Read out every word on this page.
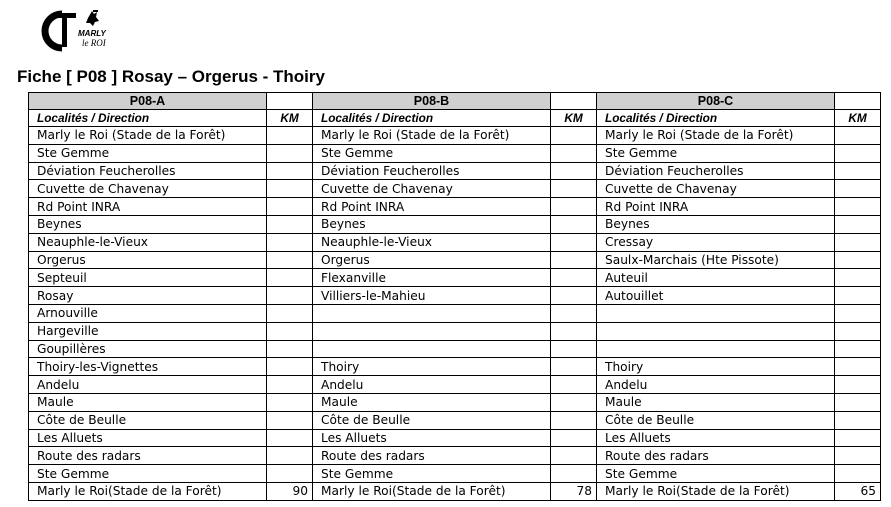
MARLY
le ROI
Fiche [ P08 ] Rosay – Orgerus - Thoiry
P08-A		P08-B		P08-C	
Localités / Direction	KM	Localités / Direction	KM	Localités / Direction	KM
Marly le Roi (Stade de la Forêt)		Marly le Roi (Stade de la Forêt)		Marly le Roi (Stade de la Forêt)	
Ste Gemme		Ste Gemme		Ste Gemme	
Déviation Feucherolles		Déviation Feucherolles		Déviation Feucherolles	
Cuvette de Chavenay		Cuvette de Chavenay		Cuvette de Chavenay	
Rd Point INRA		Rd Point INRA		Rd Point INRA	
Beynes		Beynes		Beynes	
Neauphle-le-Vieux		Neauphle-le-Vieux		Cressay	
Orgerus		Orgerus		Saulx-Marchais (Hte Pissote)	
Septeuil		Flexanville		Auteuil	
Rosay		Villiers-le-Mahieu		Autouillet	
Arnouville					
Hargeville					
Goupillères					
Thoiry-les-Vignettes		Thoiry		Thoiry	
Andelu		Andelu		Andelu	
Maule		Maule		Maule	
Côte de Beulle		Côte de Beulle		Côte de Beulle	
Les Alluets		Les Alluets		Les Alluets	
Route des radars		Route des radars		Route des radars	
Ste Gemme		Ste Gemme		Ste Gemme	
Marly le Roi(Stade de la Forêt)	90	Marly le Roi(Stade de la Forêt)	78	Marly le Roi(Stade de la Forêt)	65
